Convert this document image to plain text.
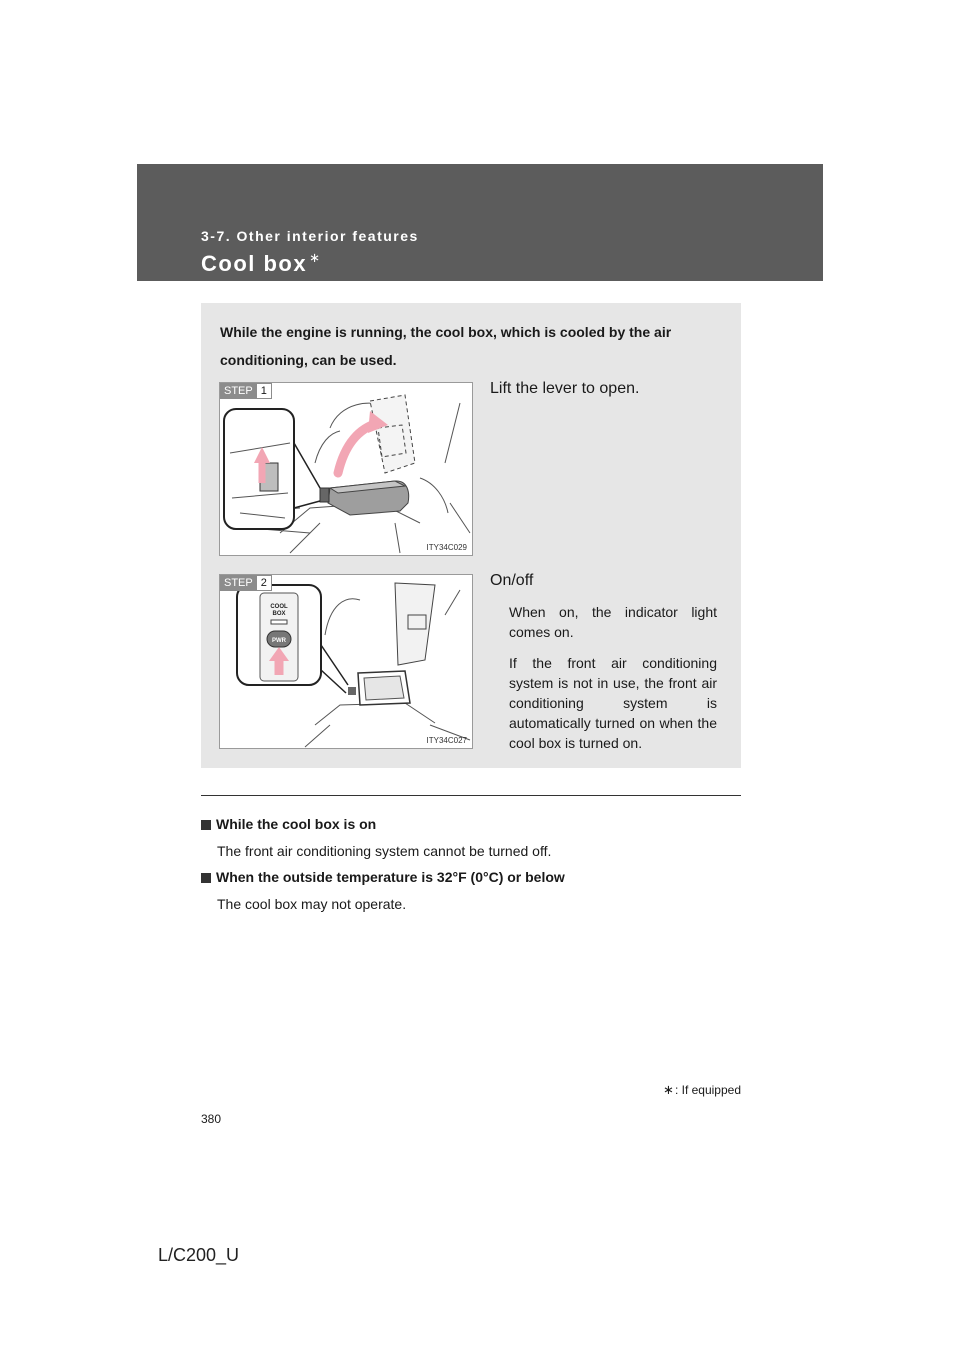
3-7. Other interior features
Cool box ∗
While the engine is running, the cool box, which is cooled by the air conditioning, can be used.
STEP 1
ITY34C029
Lift the lever to open.
COOL
BOX
PWR
STEP 2
ITY34C027
On/off
When on, the indicator light comes on.
If the front air conditioning system is not in use, the front air conditioning system is automatically turned on when the cool box is turned on.
While the cool box is on
The front air conditioning system cannot be turned off.
When the outside temperature is 32°F (0°C) or below
The cool box may not operate.
∗: If equipped
380
L/C200_U
